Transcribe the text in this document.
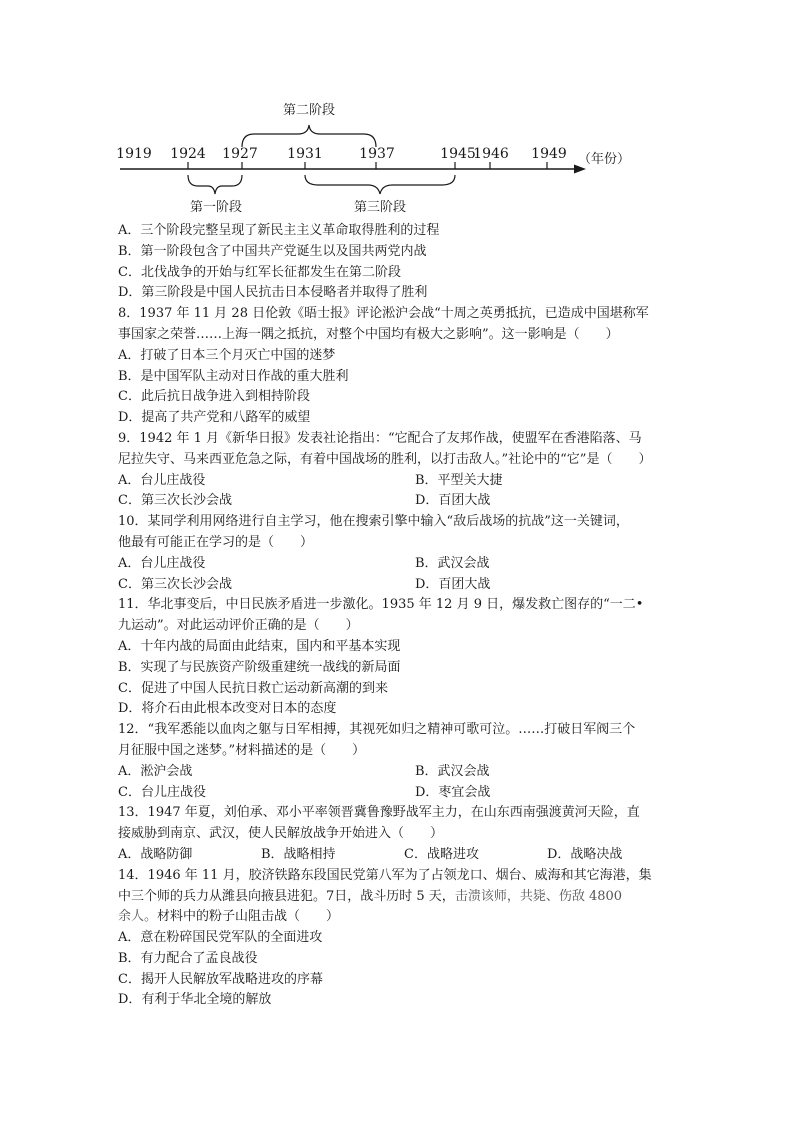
1919 1924 1927 1931	1937	1945
1946 1949 （年份）
第二阶段
第一阶段	第三阶段
A．三个阶段完整呈现了新民主主义革命取得胜利的过程
B．第一阶段包含了中国共产党诞生以及国共两党内战
C．北伐战争的开始与红军长征都发生在第二阶段
D．第三阶段是中国人民抗击日本侵略者并取得了胜利
8．1937 年 11 月 28 日伦敦《晤士报》评论淞沪会战“十周之英勇抵抗，已造成中国堪称军
事国家之荣誉……上海一隅之抵抗，对整个中国均有极大之影响”。这一影响是（　　）
A．打破了日本三个月灭亡中国的迷梦
B．是中国军队主动对日作战的重大胜利
C．此后抗日战争进入到相持阶段
D．提高了共产党和八路军的威望
9．1942 年 1 月《新华日报》发表社论指出：“它配合了友邦作战，使盟军在香港陷落、马
尼拉失守、马来西亚危急之际，有着中国战场的胜利，以打击敌人。”社论中的“它”是（　　）
A．台儿庄战役	B．平型关大捷
C．第三次长沙会战	D．百团大战
10．某同学利用网络进行自主学习，他在搜索引擎中输入“敌后战场的抗战”这一关键词，
他最有可能正在学习的是（　　）
A．台儿庄战役	B．武汉会战
C．第三次长沙会战	D．百团大战
11．华北事变后，中日民族矛盾进一步激化。1935 年 12 月 9 日，爆发救亡图存的“一二•
九运动”。对此运动评价正确的是（　　）
A．十年内战的局面由此结束，国内和平基本实现
B．实现了与民族资产阶级重建统一战线的新局面
C．促进了中国人民抗日救亡运动新高潮的到来
D．将介石由此根本改变对日本的态度
12．“我军悉能以血肉之躯与日军相搏，其视死如归之精神可歌可泣。……打破日军阀三个
月征服中国之迷梦。”材料描述的是（　　）
A．淞沪会战	B．武汉会战
C．台儿庄战役	D．枣宜会战
13．1947 年夏，刘伯承、邓小平率领晋冀鲁豫野战军主力，在山东西南强渡黄河天险，直
接威胁到南京、武汉，使人民解放战争开始进入（　　）
A．战略防御	B．战略相持	C．战略进攻	D．战略决战
14．1946 年 11 月，胶济铁路东段国民党第八军为了占领龙口、烟台、威海和其它海港，集
中三个师的兵力从潍县向掖县进犯。7日，战斗历时 5 天，击溃该师，共毙、伤敌 4800
余人。材料中的粉子山阻击战（　　）
A．意在粉碎国民党军队的全面进攻
B．有力配合了孟良战役
C．揭开人民解放军战略进攻的序幕
D．有利于华北全境的解放
